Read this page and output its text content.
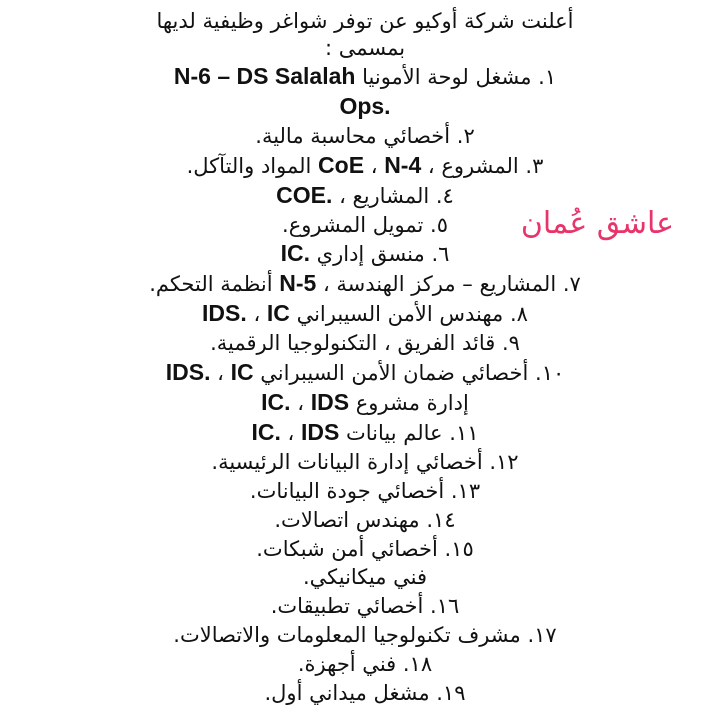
أعلنت شركة أوكيو عن توفر شواغر وظيفية لديها
بمسمى :
١. مشغل لوحة الأمونيا N-6 – DS Salalah
Ops.
٢. أخصائي محاسبة مالية.
٣. المشروع ، N-4 ، CoE المواد والتآكل.
٤. المشاريع ، COE.
٥. تمويل المشروع.
٦. منسق إداري IC.
٧. المشاريع – مركز الهندسة ، N-5 أنظمة التحكم.
٨. مهندس الأمن السيبراني IC ، IDS.
٩. قائد الفريق ، التكنولوجيا الرقمية.
١٠. أخصائي ضمان الأمن السيبراني IC ، IDS.
إدارة مشروع IDS ، IC.
١١. عالم بيانات IDS ، IC.
١٢. أخصائي إدارة البيانات الرئيسية.
١٣. أخصائي جودة البيانات.
١٤. مهندس اتصالات.
١٥. أخصائي أمن شبكات.
فني ميكانيكي.
١٦. أخصائي تطبيقات.
١٧. مشرف تكنولوجيا المعلومات والاتصالات.
١٨. فني أجهزة.
١٩. مشغل ميداني أول.
عاشق عُمان
